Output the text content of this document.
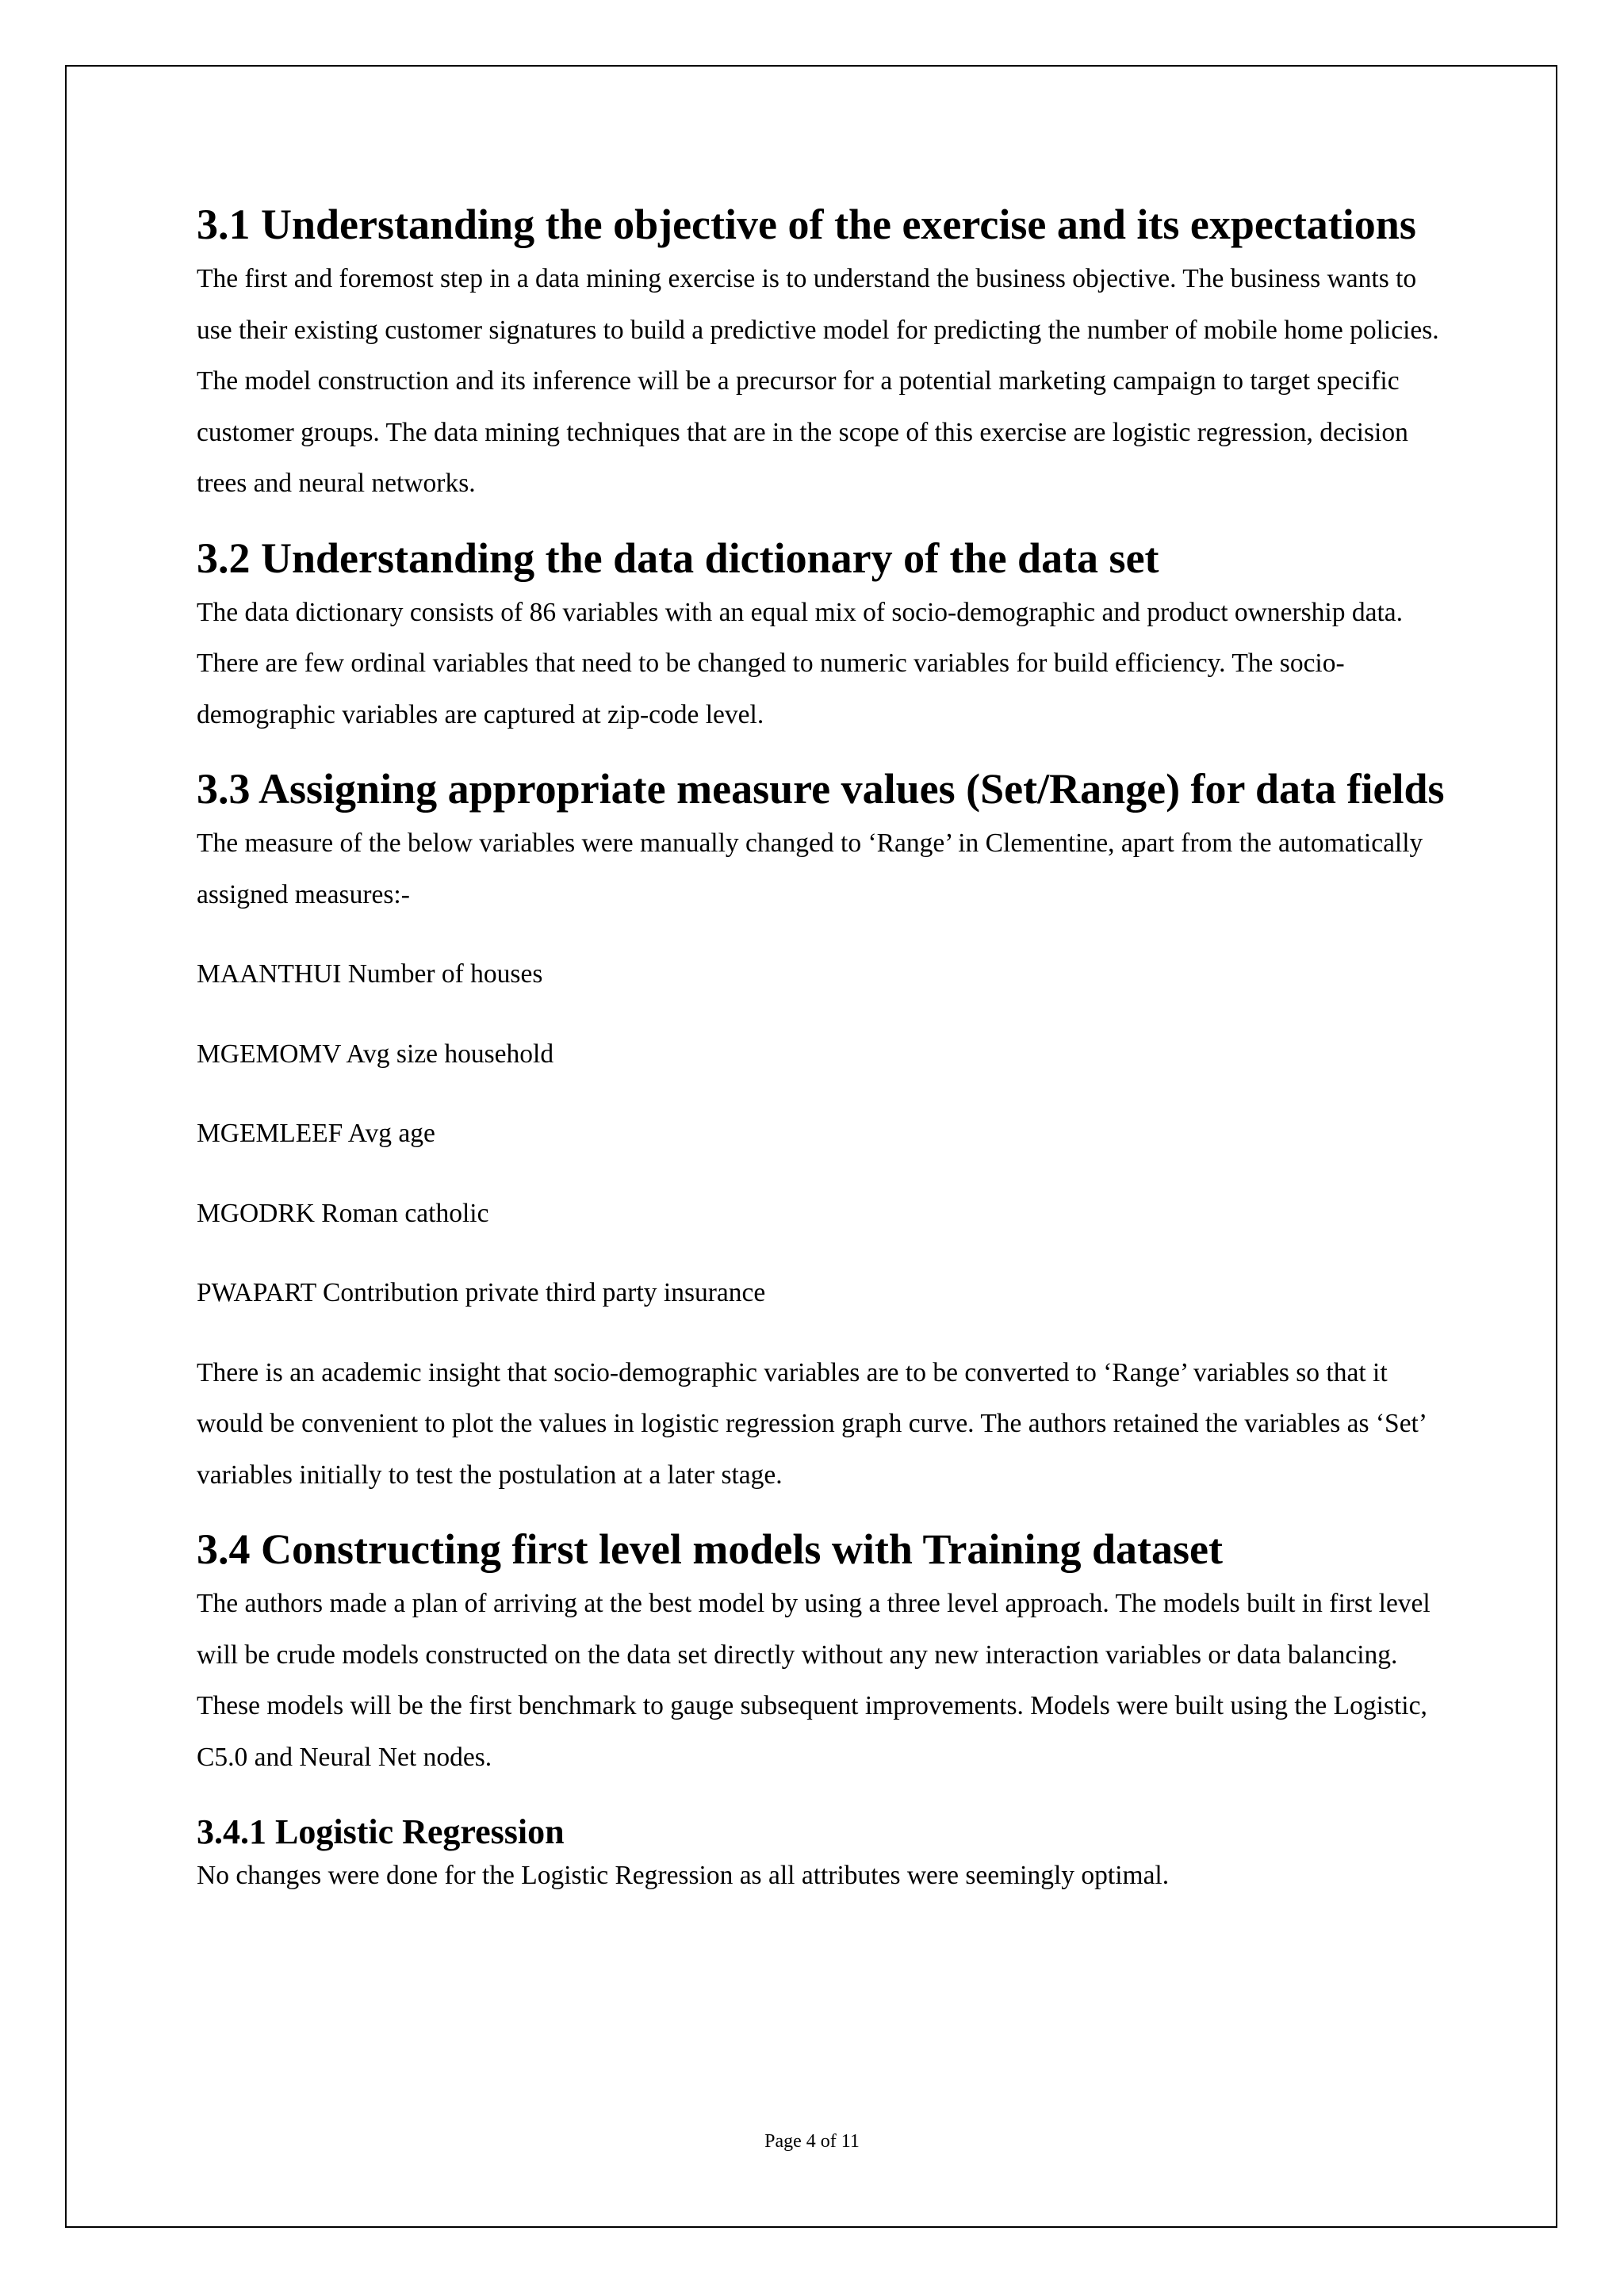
3.1 Understanding the objective of the exercise and its expectations

The first and foremost step in a data mining exercise is to understand the business objective. The business wants to use their existing customer signatures to build a predictive model for predicting the number of mobile home policies. The model construction and its inference will be a precursor for a potential marketing campaign to target specific customer groups. The data mining techniques that are in the scope of this exercise are logistic regression, decision trees and neural networks.

3.2 Understanding the data dictionary of the data set

The data dictionary consists of 86 variables with an equal mix of socio-demographic and product ownership data. There are few ordinal variables that need to be changed to numeric variables for build efficiency. The socio-demographic variables are captured at zip-code level.

3.3 Assigning appropriate measure values (Set/Range) for data fields

The measure of the below variables were manually changed to ‘Range’ in Clementine, apart from the automatically assigned measures:-

MAANTHUI Number of houses

MGEMOMV Avg size household

MGEMLEEF Avg age

MGODRK Roman catholic

PWAPART Contribution private third party insurance

There is an academic insight that socio-demographic variables are to be converted to ‘Range’ variables so that it would be convenient to plot the values in logistic regression graph curve. The authors retained the variables as ‘Set’ variables initially to test the postulation at a later stage.

3.4 Constructing first level models with Training dataset

The authors made a plan of arriving at the best model by using a three level approach. The models built in first level will be crude models constructed on the data set directly without any new interaction variables or data balancing. These models will be the first benchmark to gauge subsequent improvements. Models were built using the Logistic, C5.0 and Neural Net nodes.

3.4.1 Logistic Regression

No changes were done for the Logistic Regression as all attributes were seemingly optimal.

Page 4 of 11
